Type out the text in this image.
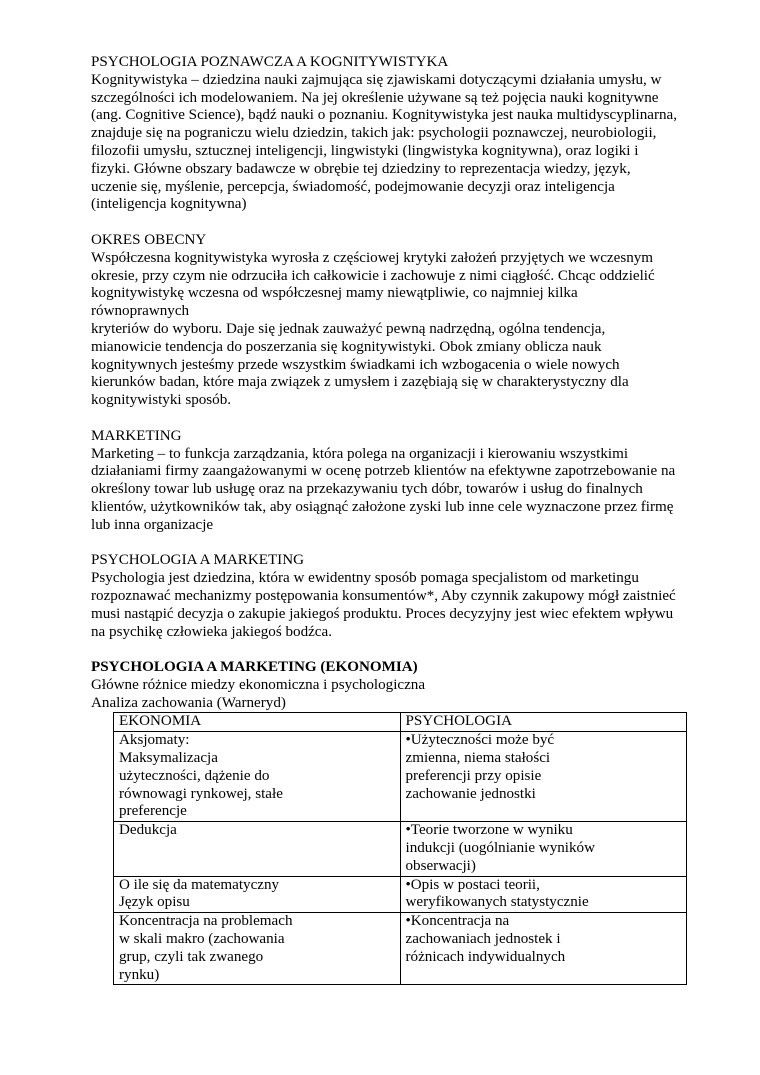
PSYCHOLOGIA POZNAWCZA A KOGNITYWISTYKA

Kognitywistyka – dziedzina nauki zajmująca się zjawiskami dotyczącymi działania umysłu, w

szczególności ich modelowaniem. Na jej określenie używane są też pojęcia nauki kognitywne

(ang. Cognitive Science), bądź nauki o poznaniu. Kognitywistyka jest nauka multidyscyplinarna,

znajduje się na pograniczu wielu dziedzin, takich jak: psychologii poznawczej, neurobiologii,

filozofii umysłu, sztucznej inteligencji, lingwistyki (lingwistyka kognitywna), oraz logiki i

fizyki. Główne obszary badawcze w obrębie tej dziedziny to reprezentacja wiedzy, język,

uczenie się, myślenie, percepcja, świadomość, podejmowanie decyzji oraz inteligencja

(inteligencja kognitywna)

OKRES OBECNY

Współczesna kognitywistyka wyrosła z częściowej krytyki założeń przyjętych we wczesnym

okresie, przy czym nie odrzuciła ich całkowicie i zachowuje z nimi ciągłość. Chcąc oddzielić

kognitywistykę wczesna od współczesnej mamy niewątpliwie, co najmniej kilka

równoprawnych

kryteriów do wyboru. Daje się jednak zauważyć pewną nadrzędną, ogólna tendencja,

mianowicie tendencja do poszerzania się kognitywistyki. Obok zmiany oblicza nauk

kognitywnych jesteśmy przede wszystkim świadkami ich wzbogacenia o wiele nowych

kierunków badan, które maja związek z umysłem i zazębiają się w charakterystyczny dla

kognitywistyki sposób.

MARKETING

Marketing – to funkcja zarządzania, która polega na organizacji i kierowaniu wszystkimi

działaniami firmy zaangażowanymi w ocenę potrzeb klientów na efektywne zapotrzebowanie na

określony towar lub usługę oraz na przekazywaniu tych dóbr, towarów i usług do finalnych

klientów, użytkowników tak, aby osiągnąć założone zyski lub inne cele wyznaczone przez firmę

lub inna organizacje

PSYCHOLOGIA A MARKETING

Psychologia jest dziedzina, która w ewidentny sposób pomaga specjalistom od marketingu

rozpoznawać mechanizmy postępowania konsumentów*, Aby czynnik zakupowy mógł zaistnieć

musi nastąpić decyzja o zakupie jakiegoś produktu. Proces decyzyjny jest wiec efektem wpływu

na psychikę człowieka jakiegoś bodźca.

PSYCHOLOGIA A MARKETING (EKONOMIA)

Główne różnice miedzy ekonomiczna i psychologiczna

Analiza zachowania (Warneryd)

EKONOMIA	PSYCHOLOGIA

Aksjomaty:
Maksymalizacja
użyteczności, dążenie do
równowagi rynkowej, stałe
preferencje	•Użyteczności może być
zmienna, niema stałości
preferencji przy opisie
zachowanie jednostki

Dedukcja	•Teorie tworzone w wyniku
indukcji (uogólnianie wyników
obserwacji)

O ile się da matematyczny
Język opisu	•Opis w postaci teorii,
weryfikowanych statystycznie

Koncentracja na problemach
w skali makro (zachowania
grup, czyli tak zwanego
rynku)	•Koncentracja na
zachowaniach jednostek i
różnicach indywidualnych
